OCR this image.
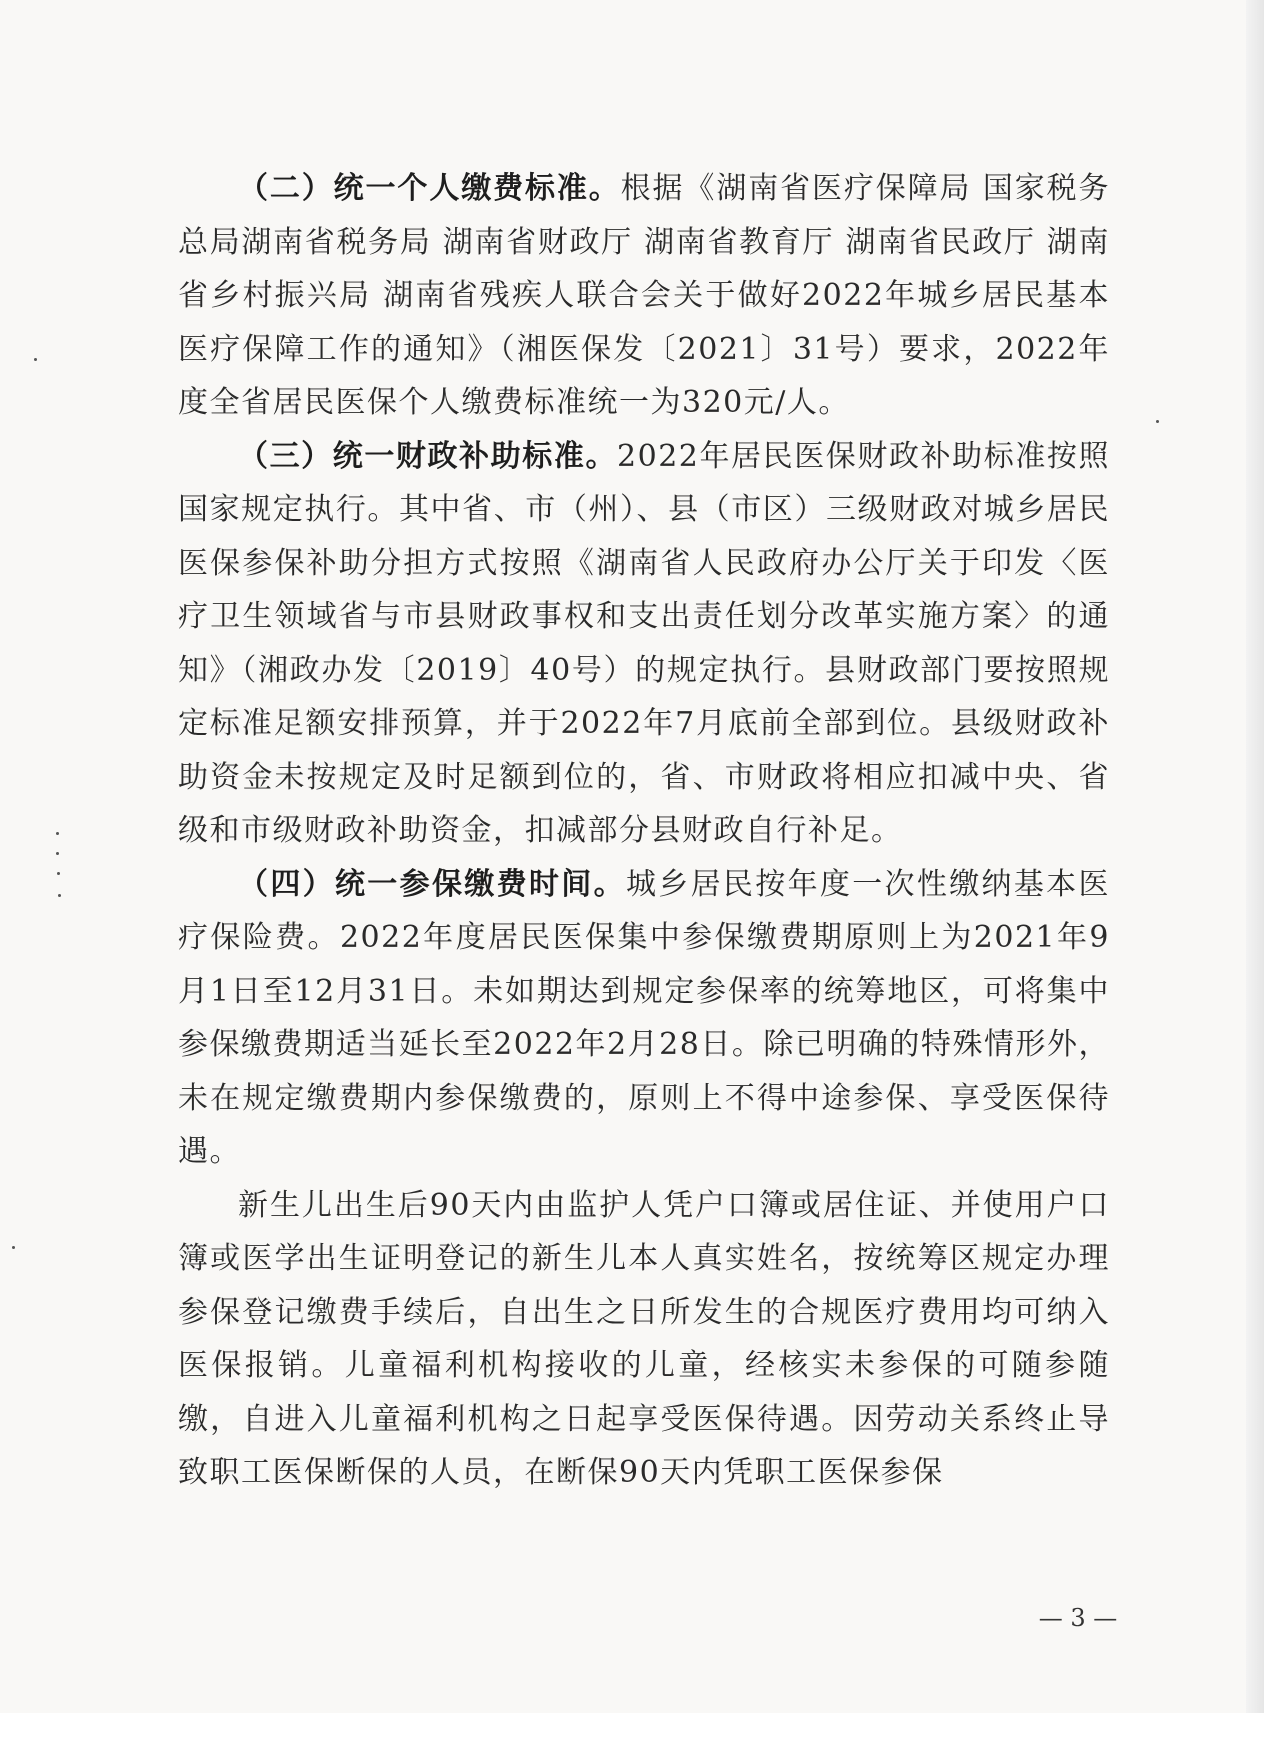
（二）统一个人缴费标准。根据《湖南省医疗保障局 国家税务总局湖南省税务局 湖南省财政厅 湖南省教育厅 湖南省民政厅 湖南省乡村振兴局 湖南省残疾人联合会关于做好2022年城乡居民基本医疗保障工作的通知》（湘医保发〔2021〕31号）要求，2022年度全省居民医保个人缴费标准统一为320元/人。

（三）统一财政补助标准。2022年居民医保财政补助标准按照国家规定执行。其中省、市（州）、县（市区）三级财政对城乡居民医保参保补助分担方式按照《湖南省人民政府办公厅关于印发〈医疗卫生领域省与市县财政事权和支出责任划分改革实施方案〉的通知》（湘政办发〔2019〕40号）的规定执行。县财政部门要按照规定标准足额安排预算，并于2022年7月底前全部到位。县级财政补助资金未按规定及时足额到位的，省、市财政将相应扣减中央、省级和市级财政补助资金，扣减部分县财政自行补足。

（四）统一参保缴费时间。城乡居民按年度一次性缴纳基本医疗保险费。2022年度居民医保集中参保缴费期原则上为2021年9月1日至12月31日。未如期达到规定参保率的统筹地区，可将集中参保缴费期适当延长至2022年2月28日。除已明确的特殊情形外，未在规定缴费期内参保缴费的，原则上不得中途参保、享受医保待遇。

新生儿出生后90天内由监护人凭户口簿或居住证、并使用户口簿或医学出生证明登记的新生儿本人真实姓名，按统筹区规定办理参保登记缴费手续后，自出生之日所发生的合规医疗费用均可纳入医保报销。儿童福利机构接收的儿童，经核实未参保的可随参随缴，自进入儿童福利机构之日起享受医保待遇。因劳动关系终止导致职工医保断保的人员，在断保90天内凭职工医保参保

— 3 —
